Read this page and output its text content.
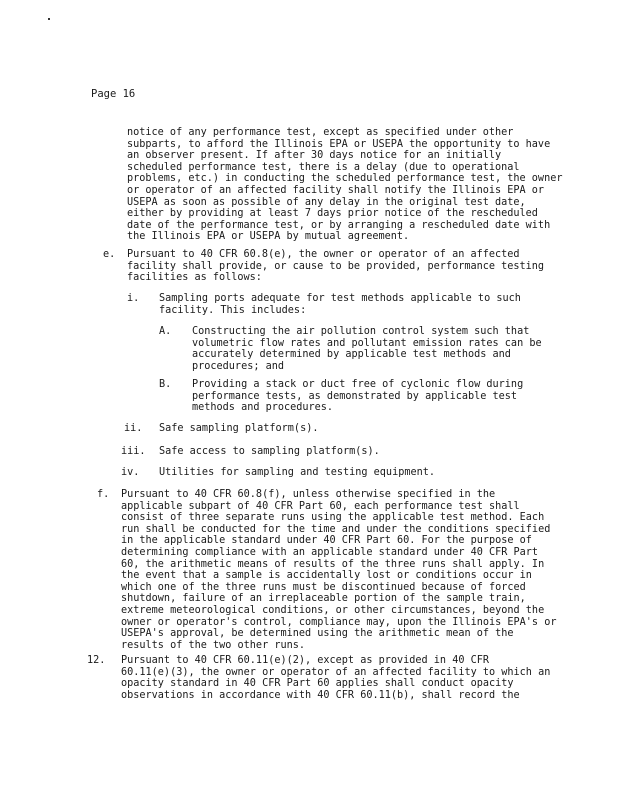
Page 16
notice of any performance test, except as specified under other
subparts, to afford the Illinois EPA or USEPA the opportunity to have
an observer present. If after 30 days notice for an initially
scheduled performance test, there is a delay (due to operational
problems, etc.) in conducting the scheduled performance test, the owner
or operator of an affected facility shall notify the Illinois EPA or
USEPA as soon as possible of any delay in the original test date,
either by providing at least 7 days prior notice of the rescheduled
date of the performance test, or by arranging a rescheduled date with
the Illinois EPA or USEPA by mutual agreement.
e. Pursuant to 40 CFR 60.8(e), the owner or operator of an affected
facility shall provide, or cause to be provided, performance testing
facilities as follows:
i. Sampling ports adequate for test methods applicable to such
facility. This includes:
A. Constructing the air pollution control system such that
volumetric flow rates and pollutant emission rates can be
accurately determined by applicable test methods and
procedures; and
B. Providing a stack or duct free of cyclonic flow during
performance tests, as demonstrated by applicable test
methods and procedures.
ii. Safe sampling platform(s).
iii. Safe access to sampling platform(s).
iv. Utilities for sampling and testing equipment.
f. Pursuant to 40 CFR 60.8(f), unless otherwise specified in the
applicable subpart of 40 CFR Part 60, each performance test shall
consist of three separate runs using the applicable test method. Each
run shall be conducted for the time and under the conditions specified
in the applicable standard under 40 CFR Part 60. For the purpose of
determining compliance with an applicable standard under 40 CFR Part
60, the arithmetic means of results of the three runs shall apply. In
the event that a sample is accidentally lost or conditions occur in
which one of the three runs must be discontinued because of forced
shutdown, failure of an irreplaceable portion of the sample train,
extreme meteorological conditions, or other circumstances, beyond the
owner or operator's control, compliance may, upon the Illinois EPA's or
USEPA's approval, be determined using the arithmetic mean of the
results of the two other runs.
12. Pursuant to 40 CFR 60.11(e)(2), except as provided in 40 CFR
60.11(e)(3), the owner or operator of an affected facility to which an
opacity standard in 40 CFR Part 60 applies shall conduct opacity
observations in accordance with 40 CFR 60.11(b), shall record the
